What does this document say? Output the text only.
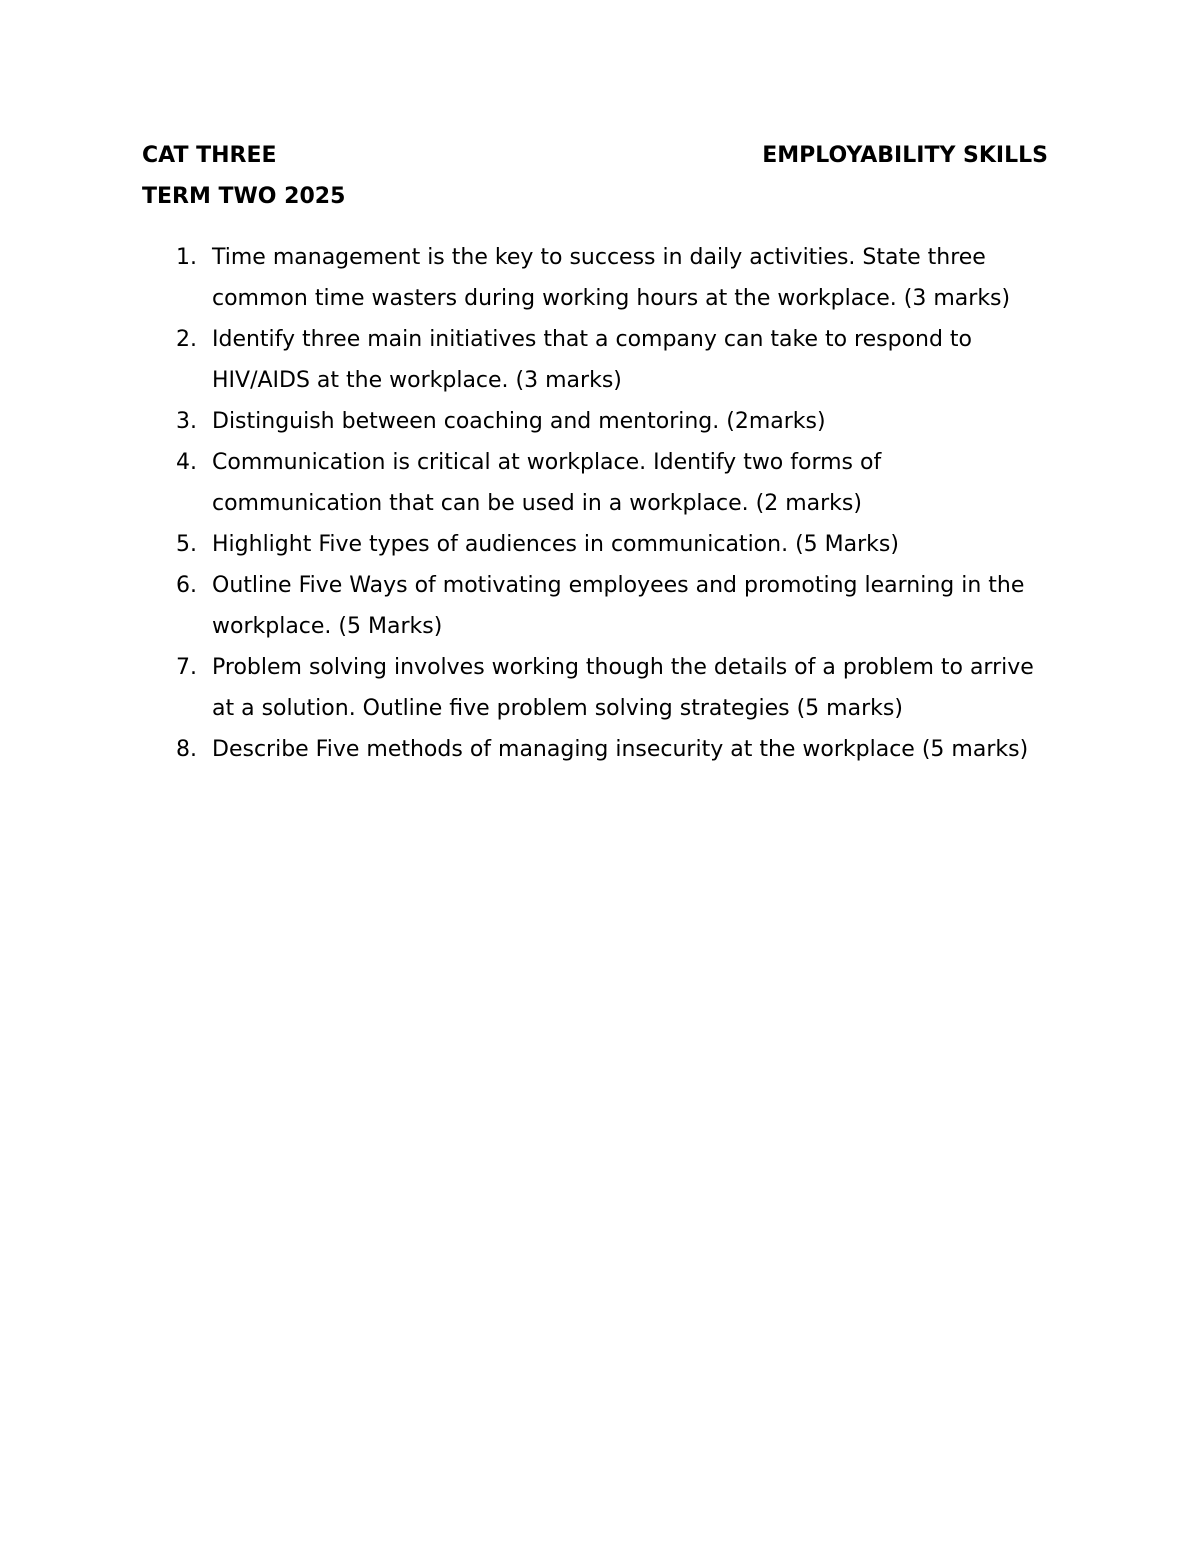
CAT THREE	EMPLOYABILITY SKILLS
TERM TWO 2025
1. Time management is the key to success in daily activities. State three common time wasters during working hours at the workplace. (3 marks)
2. Identify three main initiatives that a company can take to respond to HIV/AIDS at the workplace. (3 marks)
3. Distinguish between coaching and mentoring. (2marks)
4. Communication is critical at workplace. Identify two forms of communication that can be used in a workplace. (2 marks)
5. Highlight Five types of audiences in communication. (5 Marks)
6. Outline Five Ways of motivating employees and promoting learning in the workplace. (5 Marks)
7. Problem solving involves working though the details of a problem to arrive at a solution. Outline five problem solving strategies (5 marks)
8. Describe Five methods of managing insecurity at the workplace (5 marks)
